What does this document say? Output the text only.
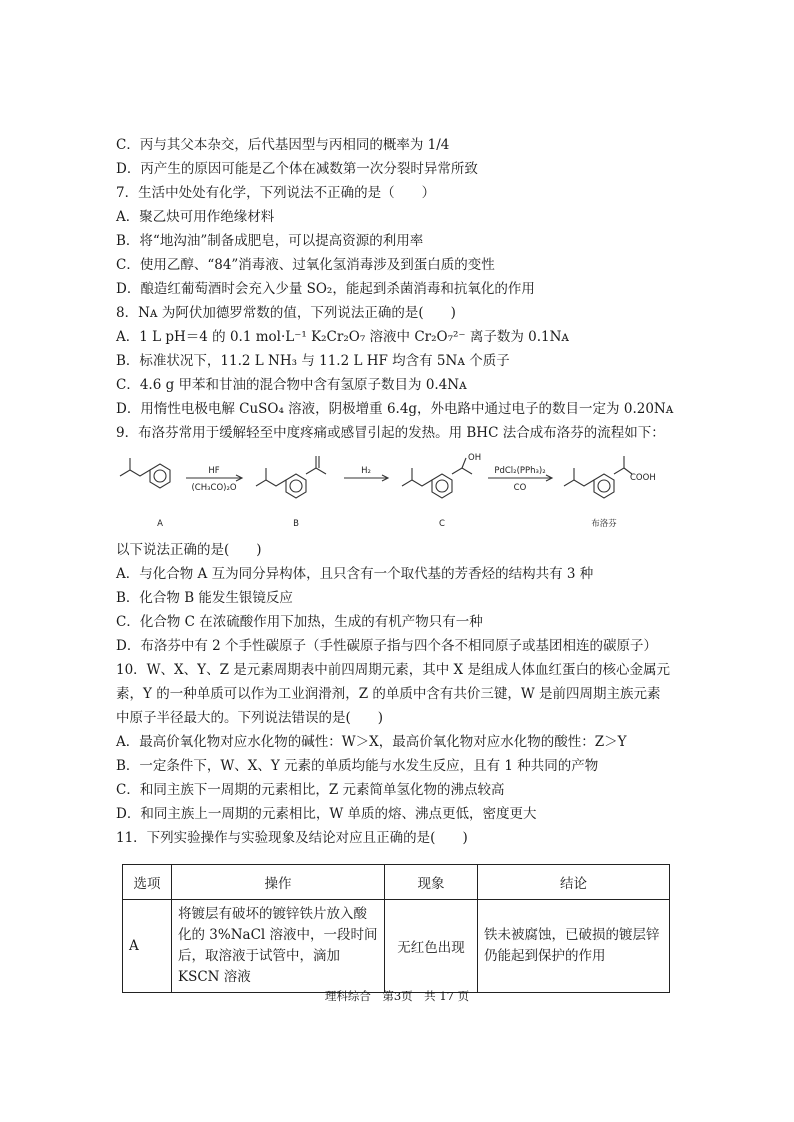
C．丙与其父本杂交，后代基因型与丙相同的概率为 1/4
D．丙产生的原因可能是乙个体在减数第一次分裂时异常所致
7．生活中处处有化学，下列说法不正确的是（　　）
A．聚乙炔可用作绝缘材料
B．将“地沟油”制备成肥皂，可以提高资源的利用率
C．使用乙醇、“84”消毒液、过氧化氢消毒涉及到蛋白质的变性
D．酿造红葡萄酒时会充入少量 SO₂，能起到杀菌消毒和抗氧化的作用
8．Nᴀ 为阿伏加德罗常数的值，下列说法正确的是(　　)
A．1 L pH＝4 的 0.1 mol·L⁻¹ K₂Cr₂O₇ 溶液中 Cr₂O₇²⁻ 离子数为 0.1Nᴀ
B．标准状况下，11.2 L NH₃ 与 11.2 L HF 均含有 5Nᴀ 个质子
C．4.6 g 甲苯和甘油的混合物中含有氢原子数目为 0.4Nᴀ
D．用惰性电极电解 CuSO₄ 溶液，阴极增重 6.4g，外电路中通过电子的数目一定为 0.20Nᴀ
9．布洛芬常用于缓解轻至中度疼痛或感冒引起的发热。用 BHC 法合成布洛芬的流程如下：
HF
(CH₃CO)₂O
H₂	PdCl₂(PPh₃)₂
CO
OH
COOH
A	B	C	布洛芬
以下说法正确的是(　　)
A．与化合物 A 互为同分异构体，且只含有一个取代基的芳香烃的结构共有 3 种
B．化合物 B 能发生银镜反应
C．化合物 C 在浓硫酸作用下加热，生成的有机产物只有一种
D．布洛芬中有 2 个手性碳原子（手性碳原子指与四个各不相同原子或基团相连的碳原子）
10．W、X、Y、Z 是元素周期表中前四周期元素，其中 X 是组成人体血红蛋白的核心金属元
素，Y 的一种单质可以作为工业润滑剂，Z 的单质中含有共价三键，W 是前四周期主族元素
中原子半径最大的。下列说法错误的是(　　)
A．最高价氧化物对应水化物的碱性：W＞X，最高价氧化物对应水化物的酸性：Z＞Y
B．一定条件下，W、X、Y 元素的单质均能与水发生反应，且有 1 种共同的产物
C．和同主族下一周期的元素相比，Z 元素简单氢化物的沸点较高
D．和同主族上一周期的元素相比，W 单质的熔、沸点更低，密度更大
11．下列实验操作与实验现象及结论对应且正确的是(　　)
选项	操作	现象	结论
A	将镀层有破坏的镀锌铁片放入酸化的 3%NaCl 溶液中，一段时间后，取溶液于试管中，滴加 KSCN 溶液	无红色出现	铁未被腐蚀，已破损的镀层锌仍能起到保护的作用
理科综合　第3页　共 17 页
